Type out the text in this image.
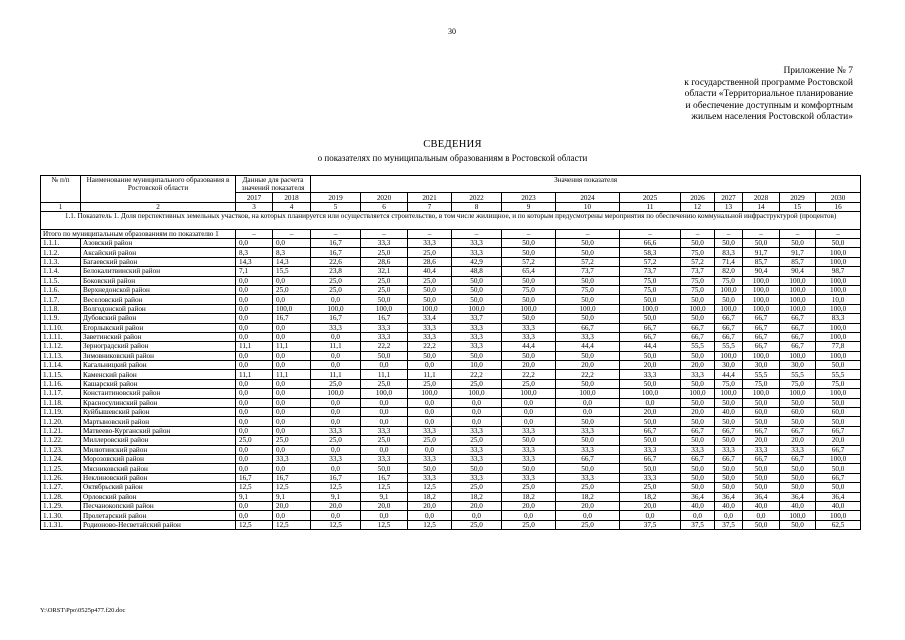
30
Приложение № 7
к государственной программе Ростовской
области «Территориальное планирование
и обеспечение доступным и комфортным
жильем населения Ростовской области»
СВЕДЕНИЯ
о показателях по муниципальным образованиям в Ростовской области
№ п/п	Наименование муниципального образования в Ростовской области	Данные для расчета значений показателя		Значения показателя											
		2017	2018	2019	2020	2021	2022	2023	2024	2025	2026	2027	2028	2029	2030
1	2	3	4	5	6	7	8	9	10	11	12	13	14	15	16
1.1. Показатель 1. Доля перспективных земельных участков, на которых планируется или осуществляется строительство, в том числе жилищное, и по которым предусмотрены мероприятия по обеспечению коммунальной инфраструктурой (процентов)															
Итого по муниципальным образованиям по показателю 1		–	–	–	–	–	–	–	–	–	–	–	–	–	–
1.1.1.	Азовский район	0,0	0,0	16,7	33,3	33,3	33,3	50,0	50,0	66,6	50,0	50,0	50,0	50,0	50,0
1.1.2.	Аксайский район	8,3	8,3	16,7	25,0	25,0	33,3	50,0	50,0	58,3	75,0	83,3	91,7	91,7	100,0
1.1.3.	Багаевский район	14,3	14,3	22,6	28,6	28,6	42,9	57,2	57,2	57,2	57,2	71,4	85,7	85,7	100,0
1.1.4.	Белокалитвинский район	7,1	15,5	23,8	32,1	40,4	48,8	65,4	73,7	73,7	73,7	82,0	90,4	90,4	98,7
1.1.5.	Боковский район	0,0	0,0	25,0	25,0	25,0	50,0	50,0	50,0	75,0	75,0	75,0	100,0	100,0	100,0
1.1.6.	Верхнедонской район	0,0	25,0	25,0	25,0	50,0	50,0	75,0	75,0	75,0	75,0	100,0	100,0	100,0	100,0
1.1.7.	Веселовский район	0,0	0,0	0,0	50,0	50,0	50,0	50,0	50,0	50,0	50,0	50,0	100,0	100,0	10,0
1.1.8.	Волгодонской район	0,0	100,0	100,0	100,0	100,0	100,0	100,0	100,0	100,0	100,0	100,0	100,0	100,0	100,0
1.1.9.	Дубовский район	0,0	16,7	16,7	16,7	33,4	33,7	50,0	50,0	50,0	50,0	66,7	66,7	66,7	83,3
1.1.10.	Егорлыкский район	0,0	0,0	33,3	33,3	33,3	33,3	33,3	66,7	66,7	66,7	66,7	66,7	66,7	100,0
1.1.11.	Заветинский район	0,0	0,0	0,0	33,3	33,3	33,3	33,3	33,3	66,7	66,7	66,7	66,7	66,7	100,0
1.1.12.	Зерноградский район	11,1	11,1	11,1	22,2	22,2	33,3	44,4	44,4	44,4	55,5	55,5	66,7	66,7	77,8
1.1.13.	Зимовниковский район	0,0	0,0	0,0	50,0	50,0	50,0	50,0	50,0	50,0	50,0	100,0	100,0	100,0	100,0
1.1.14.	Кагальницкий район	0,0	0,0	0,0	0,0	0,0	10,0	20,0	20,0	20,0	20,0	30,0	30,0	30,0	50,0
1.1.15.	Каменский район	11,1	11,1	11,1	11,1	11,1	22,2	22,2	22,2	33,3	33,3	44,4	55,5	55,5	55,5
1.1.16.	Кашарский район	0,0	0,0	25,0	25,0	25,0	25,0	25,0	50,0	50,0	50,0	75,0	75,0	75,0	75,0
1.1.17.	Константиновский район	0,0	0,0	100,0	100,0	100,0	100,0	100,0	100,0	100,0	100,0	100,0	100,0	100,0	100,0
1.1.18.	Красносулинский район	0,0	0,0	0,0	0,0	0,0	0,0	0,0	0,0	0,0	50,0	50,0	50,0	50,0	50,0
1.1.19.	Куйбышевский район	0,0	0,0	0,0	0,0	0,0	0,0	0,0	0,0	20,0	20,0	40,0	60,0	60,0	60,0
1.1.20.	Мартыновский район	0,0	0,0	0,0	0,0	0,0	0,0	0,0	50,0	50,0	50,0	50,0	50,0	50,0	50,0
1.1.21.	Матвеево-Курганский район	0,0	0,0	33,3	33,3	33,3	33,3	33,3	33,3	66,7	66,7	66,7	66,7	66,7	66,7
1.1.22.	Миллеровский район	25,0	25,0	25,0	25,0	25,0	25,0	50,0	50,0	50,0	50,0	50,0	20,0	20,0	20,0
1.1.23.	Милютинский район	0,0	0,0	0,0	0,0	0,0	33,3	33,3	33,3	33,3	33,3	33,3	33,3	33,3	66,7
1.1.24.	Морозовский район	0,0	33,3	33,3	33,3	33,3	33,3	33,3	66,7	66,7	66,7	66,7	66,7	66,7	100,0
1.1.25.	Мясниковский район	0,0	0,0	0,0	50,0	50,0	50,0	50,0	50,0	50,0	50,0	50,0	50,0	50,0	50,0
1.1.26.	Неклиновский район	16,7	16,7	16,7	16,7	33,3	33,3	33,3	33,3	33,3	50,0	50,0	50,0	50,0	66,7
1.1.27.	Октябрьский район	12,5	12,5	12,5	12,5	12,5	25,0	25,0	25,0	25,0	50,0	50,0	50,0	50,0	50,0
1.1.28.	Орловский район	9,1	9,1	9,1	9,1	18,2	18,2	18,2	18,2	18,2	36,4	36,4	36,4	36,4	36,4
1.1.29.	Песчанокопский район	0,0	20,0	20,0	20,0	20,0	20,0	20,0	20,0	20,0	40,0	40,0	40,0	40,0	40,0
1.1.30.	Пролетарский район	0,0	0,0	0,0	0,0	0,0	0,0	0,0	0,0	0,0	0,0	0,0	0,0	100,0	100,0
1.1.31.	Родионово-Несветайский район	12,5	12,5	12,5	12,5	12,5	25,0	25,0	25,0	37,5	37,5	37,5	50,0	50,0	62,5
Y:\ORST\Ppo\0525p477.f20.doc
